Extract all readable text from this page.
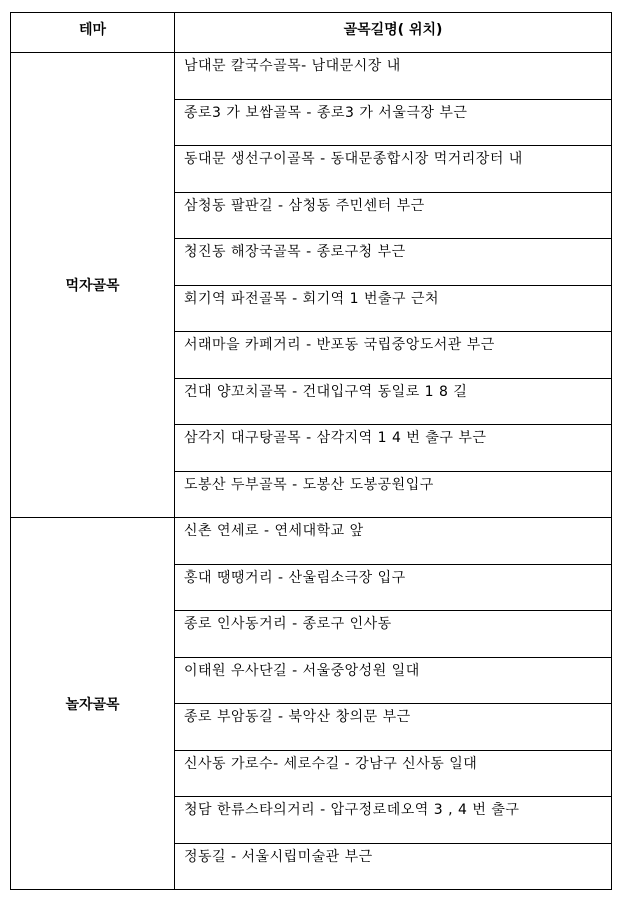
테마	골목길명( 위치)
먹자골목	남대문 칼국수골목- 남대문시장 내
	종로3 가 보쌈골목 - 종로3 가 서울극장 부근
	동대문 생선구이골목 - 동대문종합시장 먹거리장터 내
	삼청동 팔판길 - 삼청동 주민센터 부근
	청진동 해장국골목 - 종로구청 부근
	회기역 파전골목 - 회기역 1 번출구 근처
	서래마을 카페거리 - 반포동 국립중앙도서관 부근
	건대 양꼬치골목 - 건대입구역 동일로 1 8 길
	삼각지 대구탕골목 - 삼각지역 1 4 번 출구 부근
	도봉산 두부골목 - 도봉산 도봉공원입구
놀자골목	신촌 연세로 - 연세대학교 앞
	홍대 땡땡거리 - 산울림소극장 입구
	종로 인사동거리 - 종로구 인사동
	이태원 우사단길 - 서울중앙성원 일대
	종로 부암동길 - 북악산 창의문 부근
	신사동 가로수- 세로수길 - 강남구 신사동 일대
	청담 한류스타의거리 - 압구정로데오역 3 , 4 번 출구
	정동길 - 서울시립미술관 부근
